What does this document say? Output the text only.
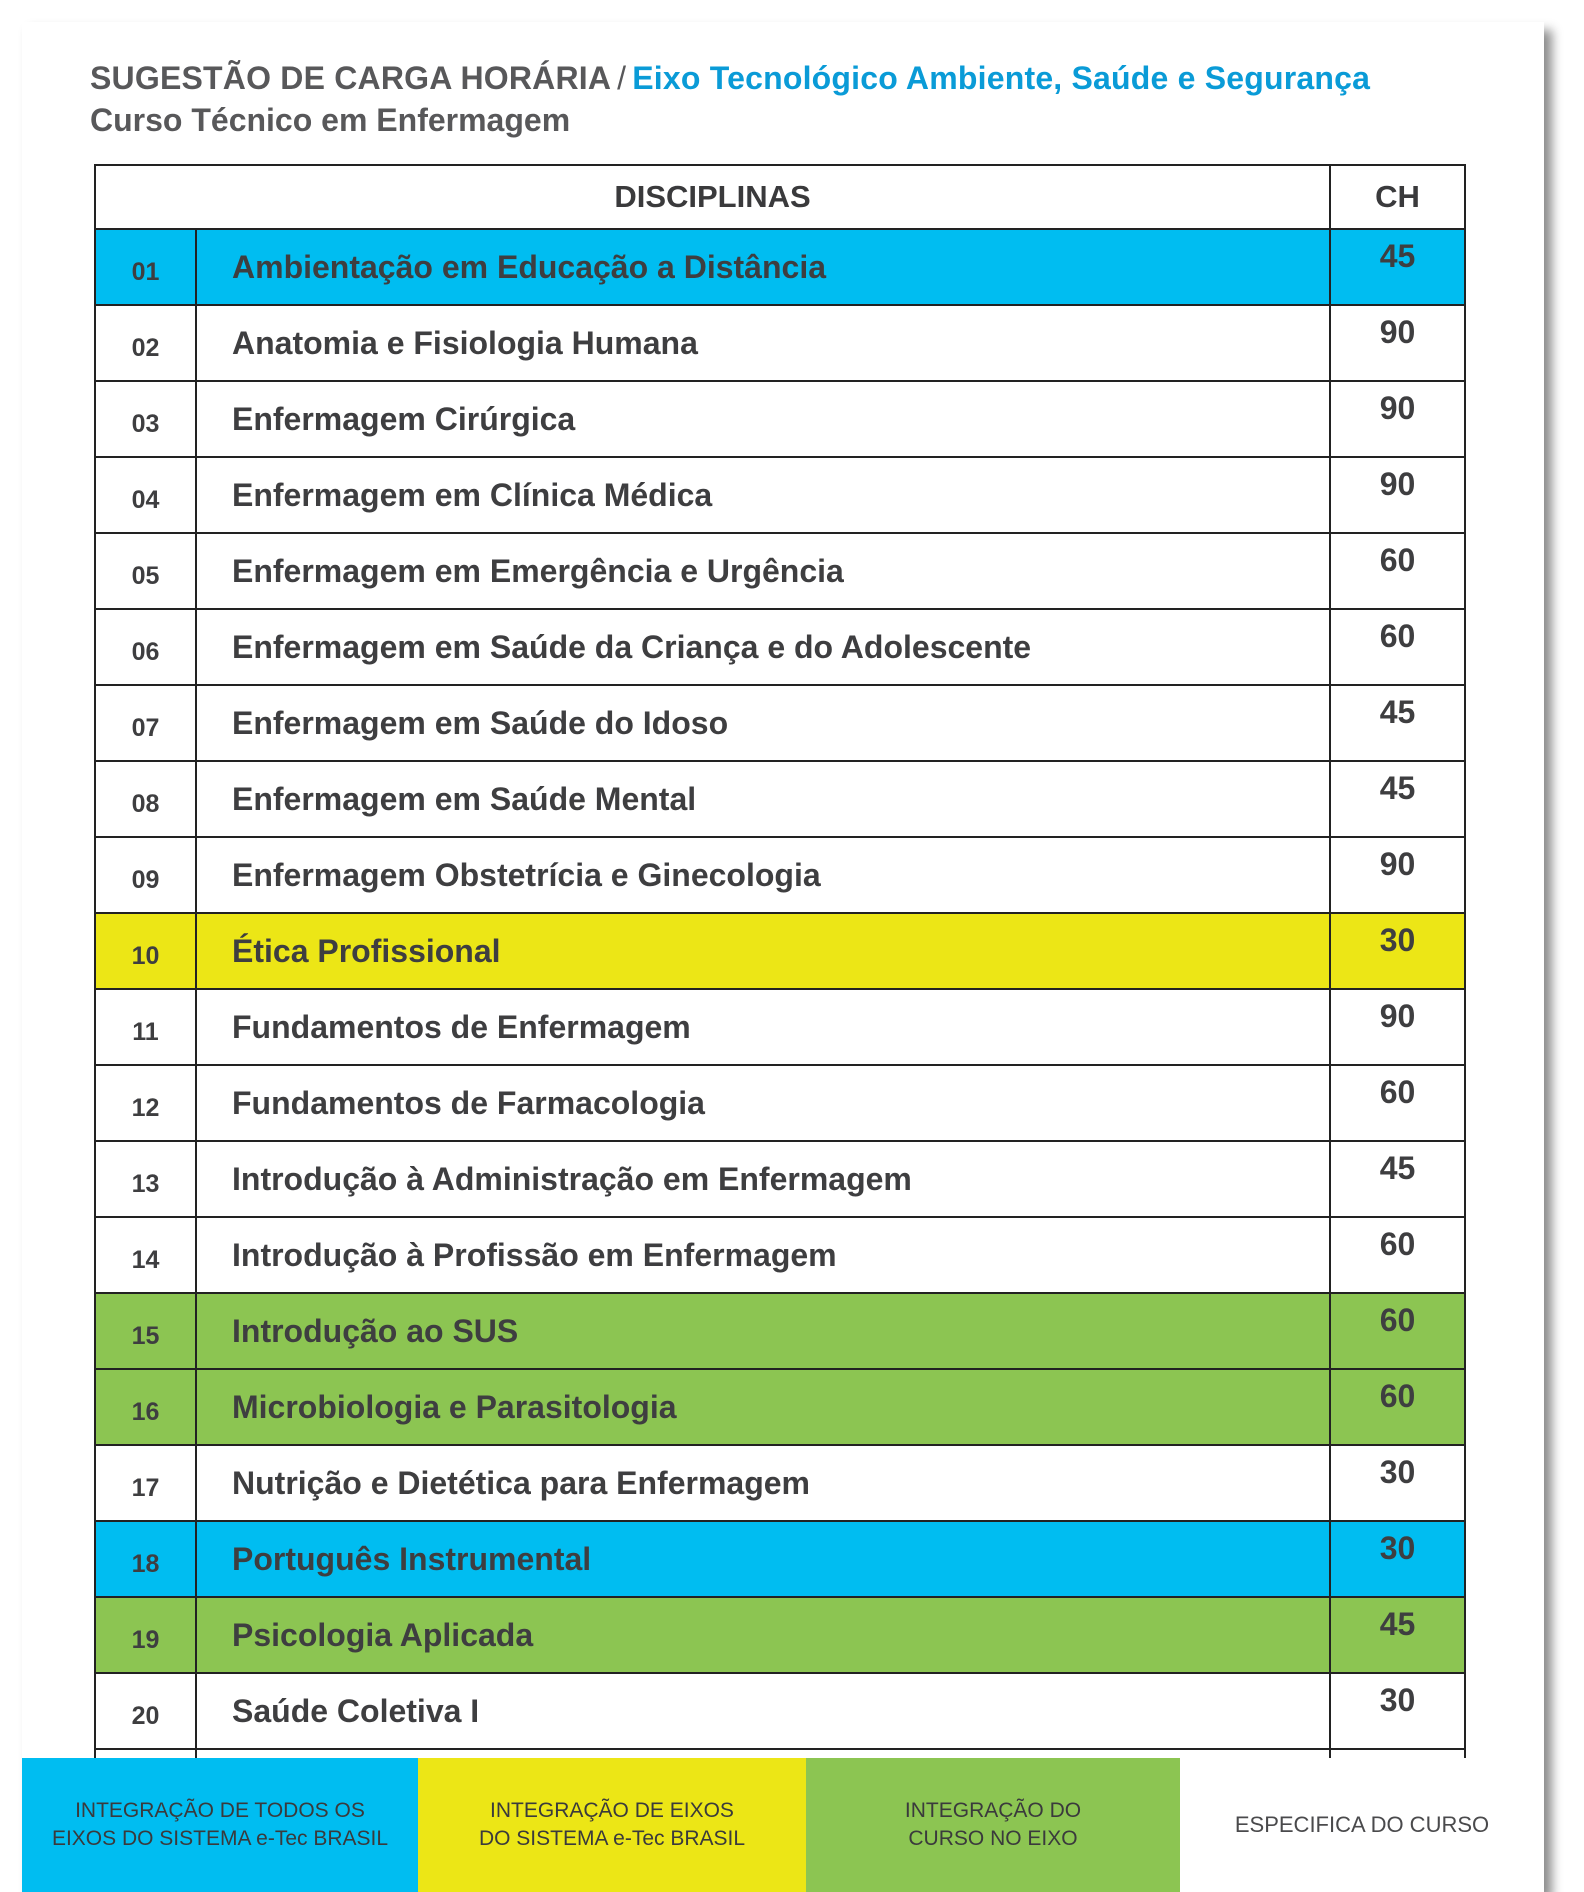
SUGESTÃO DE CARGA HORÁRIA / Eixo Tecnológico Ambiente, Saúde e Segurança
Curso Técnico em Enfermagem
DISCIPLINAS		CH
01	Ambientação em Educação a Distância	45
02	Anatomia e Fisiologia Humana	90
03	Enfermagem Cirúrgica	90
04	Enfermagem em Clínica Médica	90
05	Enfermagem em Emergência e Urgência	60
06	Enfermagem em Saúde da Criança e do Adolescente	60
07	Enfermagem em Saúde do Idoso	45
08	Enfermagem em Saúde Mental	45
09	Enfermagem Obstetrícia e Ginecologia	90
10	Ética Profissional	30
11	Fundamentos de Enfermagem	90
12	Fundamentos de Farmacologia	60
13	Introdução à Administração em Enfermagem	45
14	Introdução à Profissão em Enfermagem	60
15	Introdução ao SUS	60
16	Microbiologia e Parasitologia	60
17	Nutrição e Dietética para Enfermagem	30
18	Português Instrumental	30
19	Psicologia Aplicada	45
20	Saúde Coletiva I	30

INTEGRAÇÃO DE TODOS OS
EIXOS DO SISTEMA e-Tec BRASIL
INTEGRAÇÃO DE EIXOS
DO SISTEMA e-Tec BRASIL
INTEGRAÇÃO DO
CURSO NO EIXO
ESPECIFICA DO CURSO
